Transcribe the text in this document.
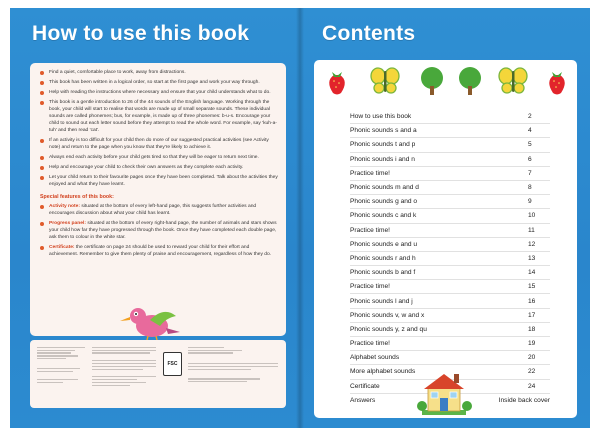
How to use this book
Find a quiet, comfortable place to work, away from distractions.
This book has been written in a logical order, so start at the first page and work your way through.
Help with reading the instructions where necessary and ensure that your child understands what to do.
This book is a gentle introduction to 26 of the 44 sounds of the English language. Working through the book, your child will start to realise that words are made up of small separate sounds. These individual sounds are called phonemes; bus, for example, is made up of three phonemes: b-u-s. Encourage your child to sound out each letter sound before they attempt to read the whole word. For example, say 'kuh-a-tuh' and then read 'cat'.
If an activity is too difficult for your child then do more of our suggested practical activities (see Activity note) and return to the page when you know that they're likely to achieve it.
Always end each activity before your child gets tired so that they will be eager to return next time.
Help and encourage your child to check their own answers as they complete each activity.
Let your child return to their favourite pages once they have been completed. Talk about the activities they enjoyed and what they have learnt.
Special features of this book:
Activity note: situated at the bottom of every left-hand page, this suggests further activities and encourages discussion about what your child has learnt.
Progress panel: situated at the bottom of every right-hand page, the number of animals and stars shows your child how far they have progressed through the book. Once they have completed each double page, ask them to colour in the white star.
Certificate: the certificate on page 24 should be used to reward your child for their effort and achievement. Remember to give them plenty of praise and encouragement, regardless of how they do.
FSC
Contents
How to use this book	2
Phonic sounds s and a	4
Phonic sounds t and p	5
Phonic sounds i and n	6
Practice time!	7
Phonic sounds m and d	8
Phonic sounds g and o	9
Phonic sounds c and k	10
Practice time!	11
Phonic sounds e and u	12
Phonic sounds r and h	13
Phonic sounds b and f	14
Practice time!	15
Phonic sounds l and j	16
Phonic sounds v, w and x	17
Phonic sounds y, z and qu	18
Practice time!	19
Alphabet sounds	20
More alphabet sounds	22
Certificate	24
Answers	Inside back cover
